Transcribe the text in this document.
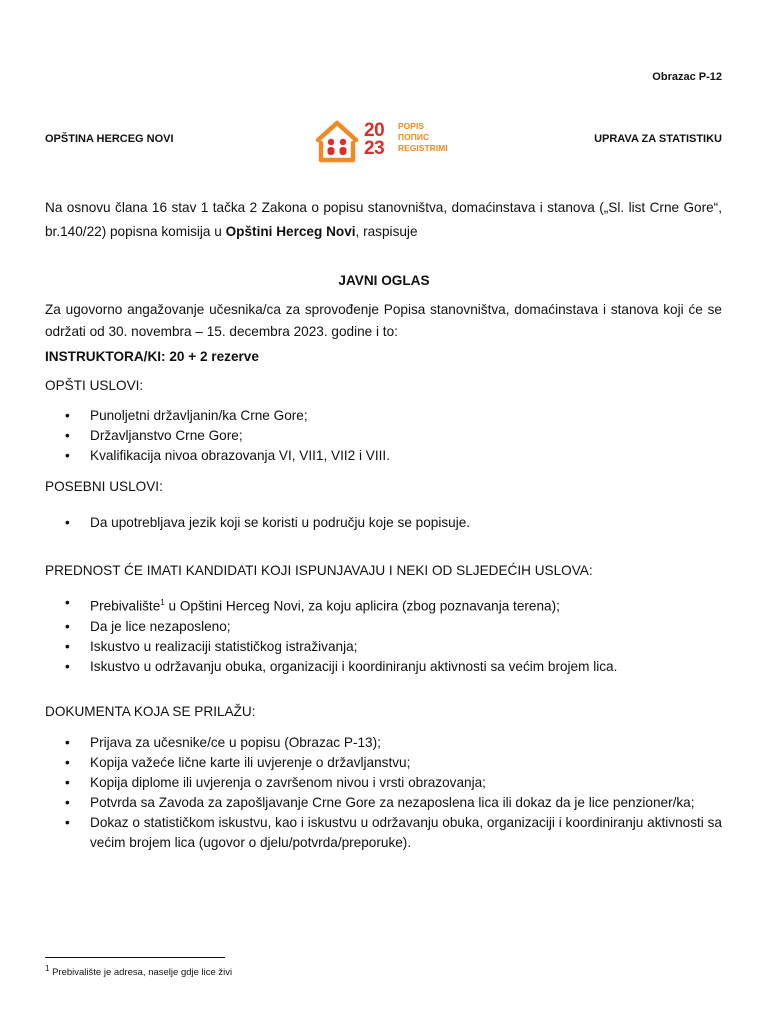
Obrazac P-12
OPŠTINA HERCEG NOVI	20
23
POPIS
ПОПИС
REGISTRIMI
UPRAVA ZA STATISTIKU
Na osnovu člana 16 stav 1 tačka 2 Zakona o popisu stanovništva, domaćinstava i stanova („Sl. list Crne Gore“, br.140/22) popisna komisija u Opštini Herceg Novi, raspisuje
JAVNI OGLAS
Za ugovorno angažovanje učesnika/ca za sprovođenje Popisa stanovništva, domaćinstava i stanova koji će se održati od 30. novembra – 15. decembra 2023. godine i to:
INSTRUKTORA/KI: 20 + 2 rezerve
OPŠTI USLOVI:
• Punoljetni državljanin/ka Crne Gore;
• Državljanstvo Crne Gore;
• Kvalifikacija nivoa obrazovanja VI, VII1, VII2 i VIII.
POSEBNI USLOVI:
• Da upotrebljava jezik koji se koristi u području koje se popisuje.
PREDNOST ĆE IMATI KANDIDATI KOJI ISPUNJAVAJU I NEKI OD SLJEDEĆIH USLOVA:
• Prebivalište$^1$ u Opštini Herceg Novi, za koju aplicira (zbog poznavanja terena);
• Da je lice nezaposleno;
• Iskustvo u realizaciji statističkog istraživanja;
• Iskustvo u održavanju obuka, organizaciji i koordiniranju aktivnosti sa većim brojem lica.
DOKUMENTA KOJA SE PRILAŽU:
• Prijava za učesnike/ce u popisu (Obrazac P-13);
• Kopija važeće lične karte ili uvjerenje o državljanstvu;
• Kopija diplome ili uvjerenja o završenom nivou i vrsti obrazovanja;
• Potvrda sa Zavoda za zapošljavanje Crne Gore za nezaposlena lica ili dokaz da je lice penzioner/ka;
• Dokaz o statističkom iskustvu, kao i iskustvu u održavanju obuka, organizaciji i koordiniranju aktivnosti sa većim brojem lica (ugovor o djelu/potvrda/preporuke).
$^1$ Prebivalište je adresa, naselje gdje lice živi
